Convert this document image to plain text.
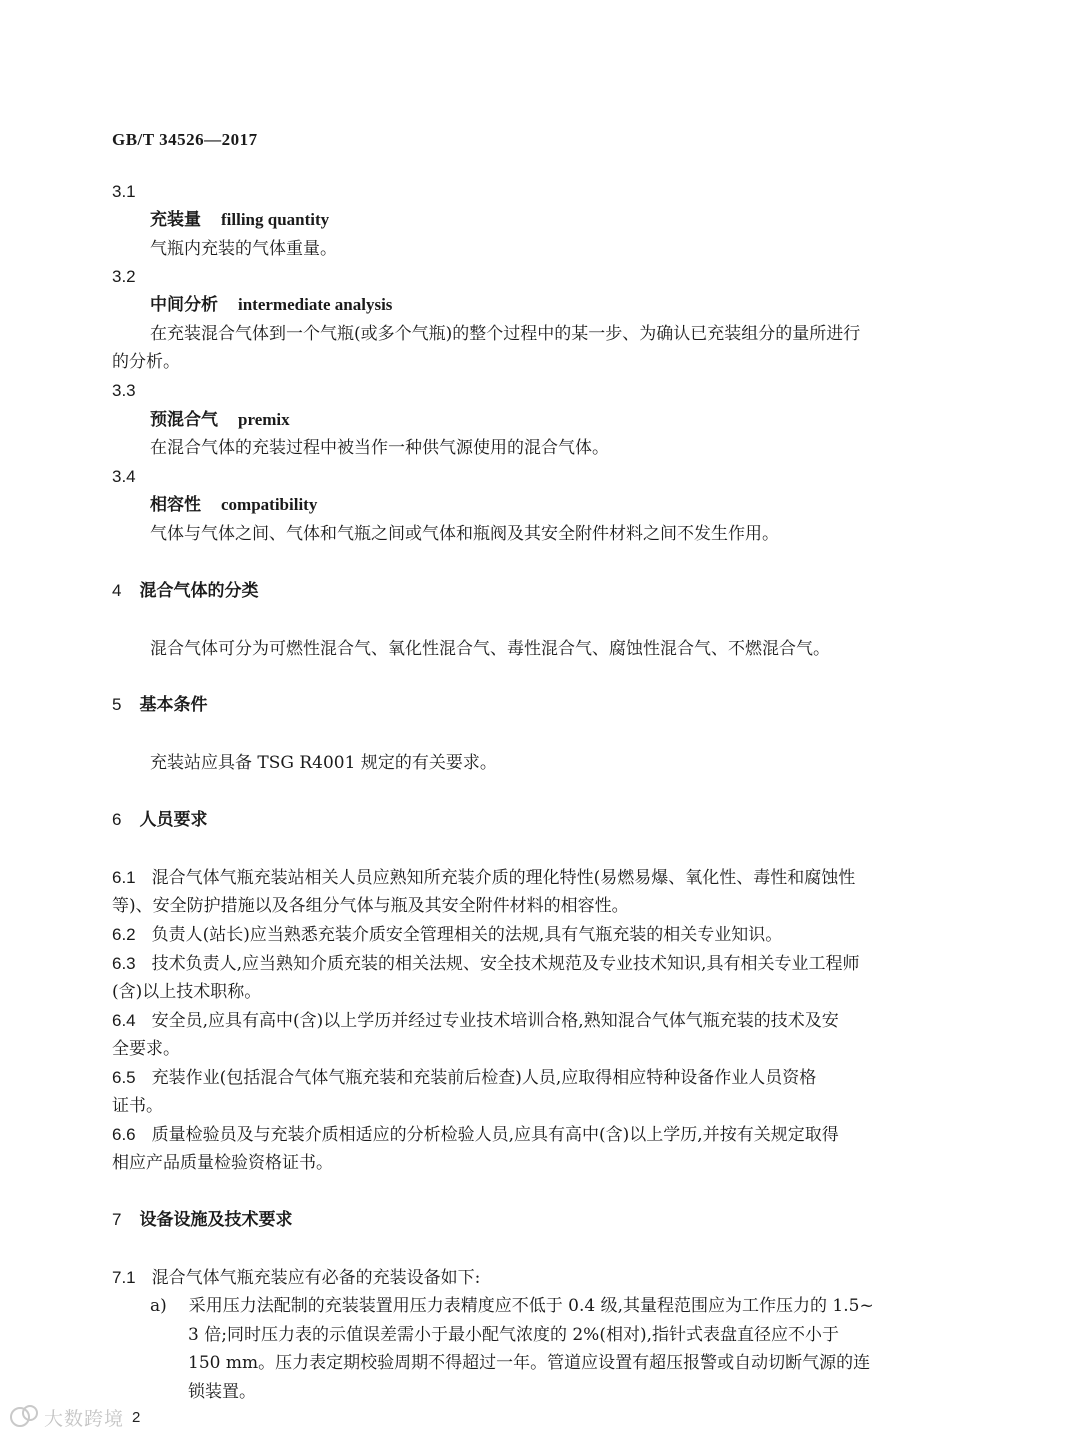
GB/T 34526—2017
3.1
充装量 filling quantity
气瓶内充装的气体重量。
3.2
中间分析 intermediate analysis
在充装混合气体到一个气瓶(或多个气瓶)的整个过程中的某一步、为确认已充装组分的量所进行
的分析。
3.3
预混合气 premix
在混合气体的充装过程中被当作一种供气源使用的混合气体。
3.4
相容性 compatibility
气体与气体之间、气体和气瓶之间或气体和瓶阀及其安全附件材料之间不发生作用。
4 混合气体的分类
混合气体可分为可燃性混合气、氧化性混合气、毒性混合气、腐蚀性混合气、不燃混合气。
5 基本条件
充装站应具备 TSG R4001 规定的有关要求。
6 人员要求
6.1 混合气体气瓶充装站相关人员应熟知所充装介质的理化特性(易燃易爆、氧化性、毒性和腐蚀性
等)、安全防护措施以及各组分气体与瓶及其安全附件材料的相容性。
6.2 负责人(站长)应当熟悉充装介质安全管理相关的法规,具有气瓶充装的相关专业知识。
6.3 技术负责人,应当熟知介质充装的相关法规、安全技术规范及专业技术知识,具有相关专业工程师
(含)以上技术职称。
6.4 安全员,应具有高中(含)以上学历并经过专业技术培训合格,熟知混合气体气瓶充装的技术及安
全要求。
6.5 充装作业(包括混合气体气瓶充装和充装前后检查)人员,应取得相应特种设备作业人员资格
证书。
6.6 质量检验员及与充装介质相适应的分析检验人员,应具有高中(含)以上学历,并按有关规定取得
相应产品质量检验资格证书。
7 设备设施及技术要求
7.1 混合气体气瓶充装应有必备的充装设备如下:
a) 采用压力法配制的充装装置用压力表精度应不低于 0.4 级,其量程范围应为工作压力的 1.5~
3 倍;同时压力表的示值误差需小于最小配气浓度的 2%(相对),指针式表盘直径应不小于
150 mm。压力表定期校验周期不得超过一年。管道应设置有超压报警或自动切断气源的连
锁装置。
大数跨境 2
